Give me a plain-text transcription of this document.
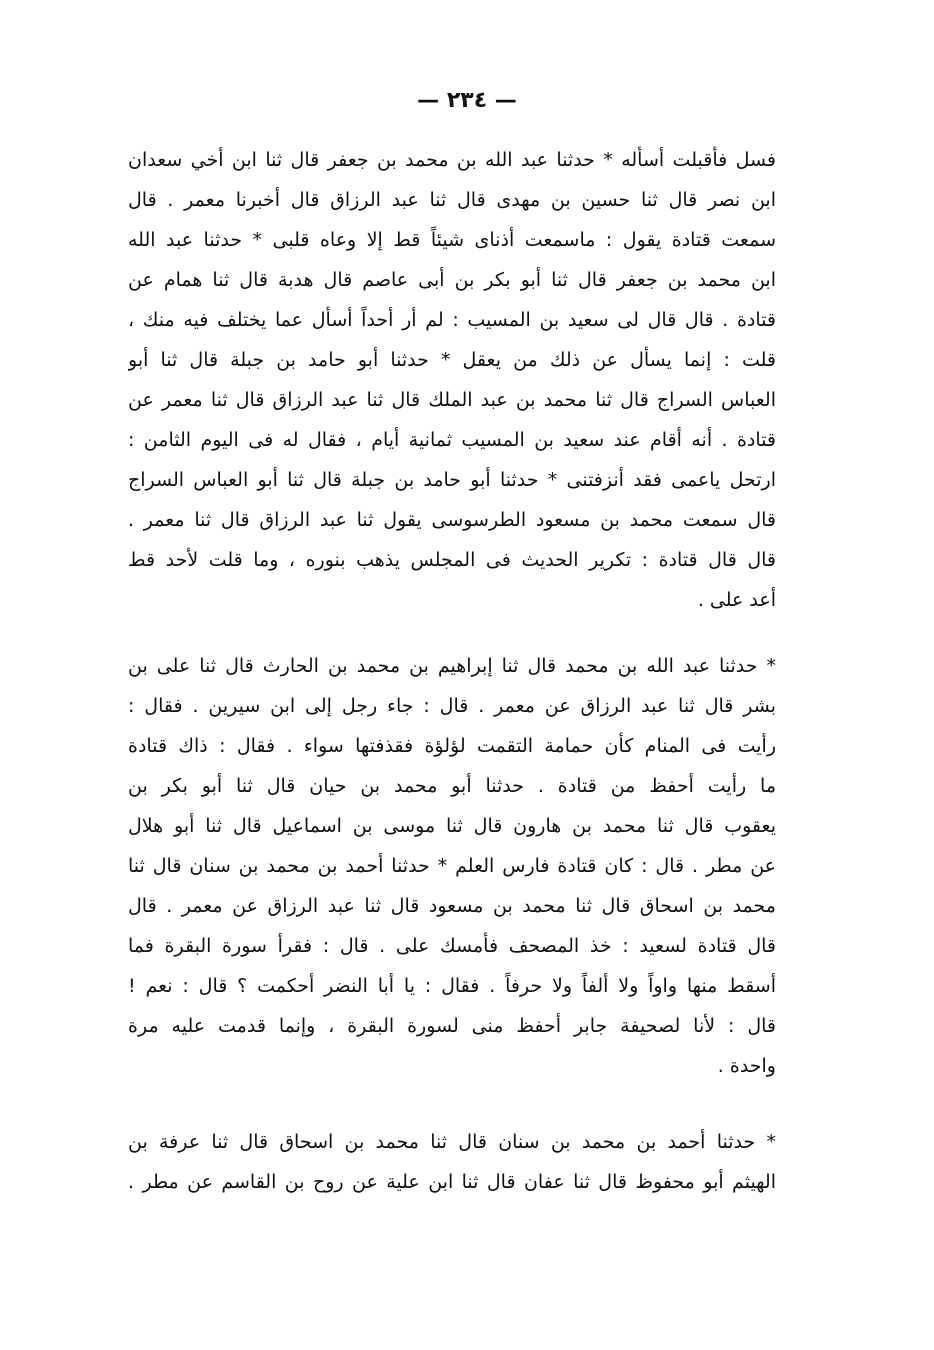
— ٢٣٤ —
فسل فأقبلت أسأله * حدثنا عبد الله بن محمد بن جعفر قال ثنا ابن أخي سعدان
ابن نصر قال ثنا حسين بن مهدى قال ثنا عبد الرزاق قال أخبرنا معمر . قال
سمعت قتادة يقول : ماسمعت أذناى شيئاً قط إلا وعاه قلبى * حدثنا عبد الله
ابن محمد بن جعفر قال ثنا أبو بكر بن أبى عاصم قال هدبة قال ثنا همام عن
قتادة . قال قال لى سعيد بن المسيب : لم أر أحداً أسأل عما يختلف فيه منك ،
قلت : إنما يسأل عن ذلك من يعقل * حدثنا أبو حامد بن جبلة قال ثنا أبو
العباس السراج قال ثنا محمد بن عبد الملك قال ثنا عبد الرزاق قال ثنا معمر عن
قتادة . أنه أقام عند سعيد بن المسيب ثمانية أيام ، فقال له فى اليوم الثامن :
ارتحل ياعمى فقد أنزفتنى * حدثنا أبو حامد بن جبلة قال ثنا أبو العباس السراج
قال سمعت محمد بن مسعود الطرسوسى يقول ثنا عبد الرزاق قال ثنا معمر .
قال قال قتادة : تكرير الحديث فى المجلس يذهب بنوره ، وما قلت لأحد قط
أعد على .
* حدثنا عبد الله بن محمد قال ثنا إبراهيم بن محمد بن الحارث قال ثنا على بن
بشر قال ثنا عبد الرزاق عن معمر . قال : جاء رجل إلى ابن سيرين . فقال :
رأيت فى المنام كأن حمامة التقمت لؤلؤة فقذفتها سواء . فقال : ذاك قتادة
ما رأيت أحفظ من قتادة . حدثنا أبو محمد بن حيان قال ثنا أبو بكر بن
يعقوب قال ثنا محمد بن هارون قال ثنا موسى بن اسماعيل قال ثنا أبو هلال
عن مطر . قال : كان قتادة فارس العلم * حدثنا أحمد بن محمد بن سنان قال ثنا
محمد بن اسحاق قال ثنا محمد بن مسعود قال ثنا عبد الرزاق عن معمر . قال
قال قتادة لسعيد : خذ المصحف فأمسك على . قال : فقرأ سورة البقرة فما
أسقط منها واواً ولا ألفاً ولا حرفاً . فقال : يا أبا النضر أحكمت ؟ قال : نعم !
قال : لأنا لصحيفة جابر أحفظ منى لسورة البقرة ، وإنما قدمت عليه مرة
واحدة .
* حدثنا أحمد بن محمد بن سنان قال ثنا محمد بن اسحاق قال ثنا عرفة بن
الهيثم أبو محفوظ قال ثنا عفان قال ثنا ابن علية عن روح بن القاسم عن مطر .
